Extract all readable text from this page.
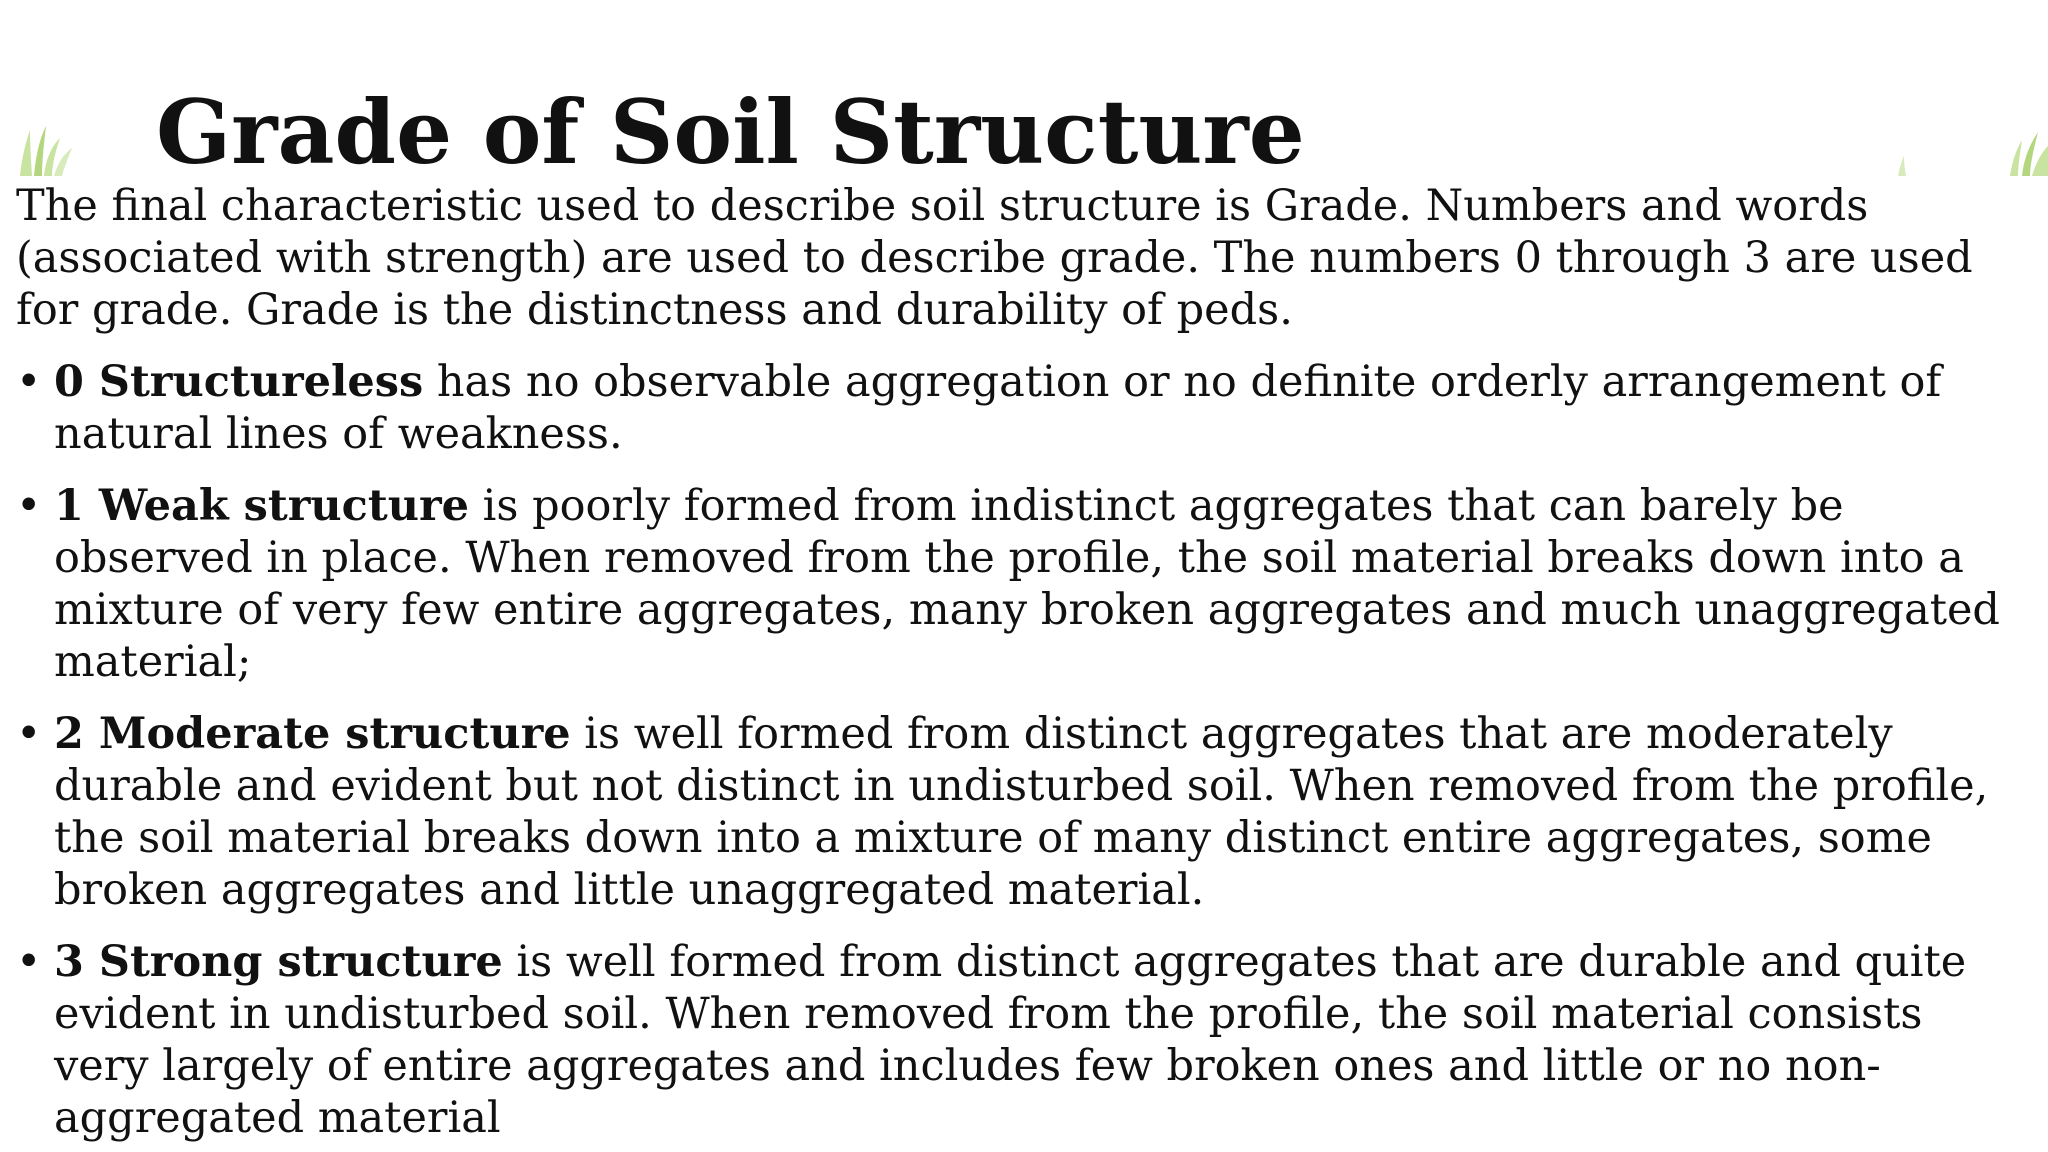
Grade of Soil Structure

The final characteristic used to describe soil structure is Grade. Numbers and words (associated with strength) are used to describe grade. The numbers 0 through 3 are used for grade. Grade is the distinctness and durability of peds.

• 0 Structureless has no observable aggregation or no definite orderly arrangement of natural lines of weakness.
• 1 Weak structure is poorly formed from indistinct aggregates that can barely be observed in place. When removed from the profile, the soil material breaks down into a mixture of very few entire aggregates, many broken aggregates and much unaggregated material;
• 2 Moderate structure is well formed from distinct aggregates that are moderately durable and evident but not distinct in undisturbed soil. When removed from the profile, the soil material breaks down into a mixture of many distinct entire aggregates, some broken aggregates and little unaggregated material.
• 3 Strong structure is well formed from distinct aggregates that are durable and quite evident in undisturbed soil. When removed from the profile, the soil material consists very largely of entire aggregates and includes few broken ones and little or no non-aggregated material
